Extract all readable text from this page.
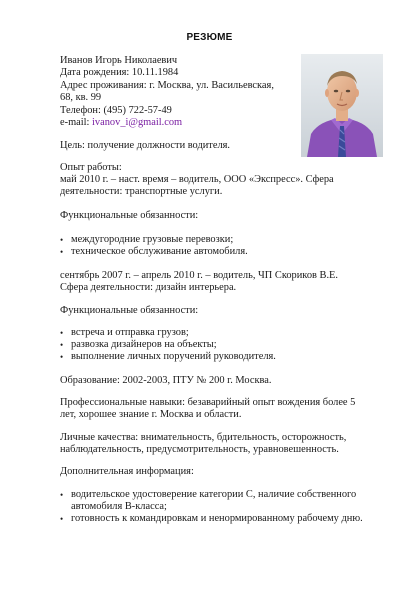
РЕЗЮМЕ
Иванов Игорь Николаевич
Дата рождения: 10.11.1984
Адрес проживания: г. Москва, ул. Васильевская,
68, кв. 99
Телефон: (495) 722-57-49
e-mail: ivanov_i@gmail.com
Цель: получение должности водителя.
Опыт работы:
май 2010 г. – наст. время – водитель, ООО «Экспресс». Сфера
деятельности: транспортные услуги.
Функциональные обязанности:
• междугородние грузовые перевозки;
• техническое обслуживание автомобиля.
сентябрь 2007 г. – апрель 2010 г. – водитель, ЧП Скориков В.Е.
Сфера деятельности: дизайн интерьера.
Функциональные обязанности:
• встреча и отправка грузов;
• развозка дизайнеров на объекты;
• выполнение личных поручений руководителя.
Образование: 2002-2003, ПТУ № 200 г. Москва.
Профессиональные навыки: безаварийный опыт вождения более 5
лет, хорошее знание г. Москва и области.
Личные качества: внимательность, бдительность, осторожность,
наблюдательность, предусмотрительность, уравновешенность.
Дополнительная информация:
• водительское удостоверение категории С, наличие собственного автомобиля В-класса;
• готовность к командировкам и ненормированному рабочему дню.
